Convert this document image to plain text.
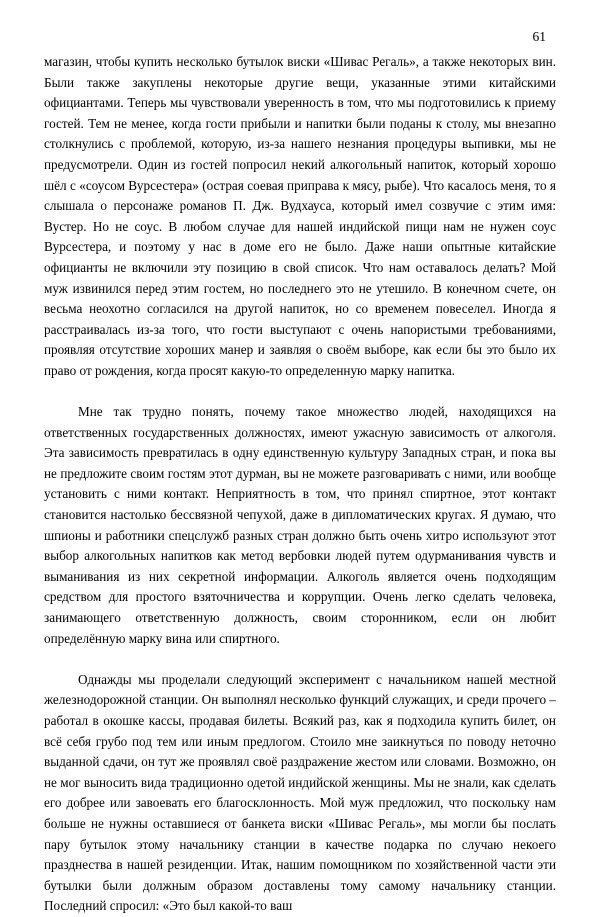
61

магазин, чтобы купить несколько бутылок виски «Шивас Регаль», а также некоторых вин. Были также закуплены некоторые другие вещи, указанные этими китайскими официантами. Теперь мы чувствовали уверенность в том, что мы подготовились к приему гостей. Тем не менее, когда гости прибыли и напитки были поданы к столу, мы внезапно столкнулись с проблемой, которую, из-за нашего незнания процедуры выпивки, мы не предусмотрели. Один из гостей попросил некий алкогольный напиток, который хорошо шёл с «соусом Вурсестера» (острая соевая приправа к мясу, рыбе). Что касалось меня, то я слышала о персонаже романов П. Дж. Вудхауса, который имел созвучие с этим имя: Вустер. Но не соус. В любом случае для нашей индийской пищи нам не нужен соус Вурсестера, и поэтому у нас в доме его не было. Даже наши опытные китайские официанты не включили эту позицию в свой список. Что нам оставалось делать? Мой муж извинился перед этим гостем, но последнего это не утешило. В конечном счете, он весьма неохотно согласился на другой напиток, но со временем повеселел. Иногда я расстраивалась из-за того, что гости выступают с очень напористыми требованиями, проявляя отсутствие хороших манер и заявляя о своём выборе, как если бы это было их право от рождения, когда просят какую-то определенную марку напитка.

Мне так трудно понять, почему такое множество людей, находящихся на ответственных государственных должностях, имеют ужасную зависимость от алкоголя. Эта зависимость превратилась в одну единственную культуру Западных стран, и пока вы не предложите своим гостям этот дурман, вы не можете разговаривать с ними, или вообще установить с ними контакт. Неприятность в том, что принял спиртное, этот контакт становится настолько бессвязной чепухой, даже в дипломатических кругах. Я думаю, что шпионы и работники спецслужб разных стран должно быть очень хитро используют этот выбор алкогольных напитков как метод вербовки людей путем одурманивания чувств и выманивания из них секретной информации. Алкоголь является очень подходящим средством для простого взяточничества и коррупции. Очень легко сделать человека, занимающего ответственную должность, своим сторонником, если он любит определённую марку вина или спиртного.

Однажды мы проделали следующий эксперимент с начальником нашей местной железнодорожной станции. Он выполнял несколько функций служащих, и среди прочего – работал в окошке кассы, продавая билеты. Всякий раз, как я подходила купить билет, он всё себя грубо под тем или иным предлогом. Стоило мне заикнуться по поводу неточно выданной сдачи, он тут же проявлял своё раздражение жестом или словами. Возможно, он не мог выносить вида традиционно одетой индийской женщины. Мы не знали, как сделать его добрее или завоевать его благосклонность. Мой муж предложил, что поскольку нам больше не нужны оставшиеся от банкета виски «Шивас Регаль», мы могли бы послать пару бутылок этому начальнику станции в качестве подарка по случаю некоего празднества в нашей резиденции. Итак, нашим помощником по хозяйственной части эти бутылки были должным образом доставлены тому самому начальнику станции. Последний спросил: «Это был какой-то ваш
